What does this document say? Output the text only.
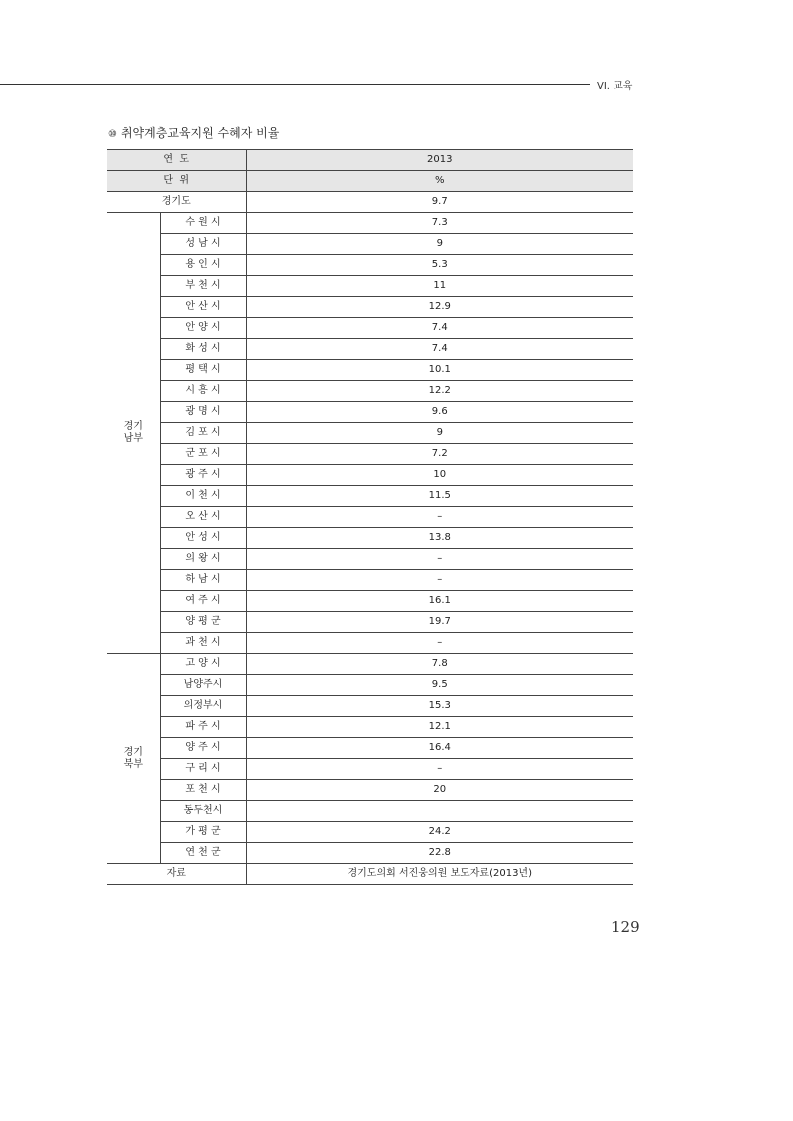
VI. 교육
⑩ 취약계층교육지원 수혜자 비율
연  도		2013
단  위		%
경기도		9.7
경기
남부	수 원 시	7.3
	성 남 시	9
	용 인 시	5.3
	부 천 시	11
	안 산 시	12.9
	안 양 시	7.4
	화 성 시	7.4
	평 택 시	10.1
	시 흥 시	12.2
	광 명 시	9.6
	김 포 시	9
	군 포 시	7.2
	광 주 시	10
	이 천 시	11.5
	오 산 시	–
	안 성 시	13.8
	의 왕 시	–
	하 남 시	–
	여 주 시	16.1
	양 평 군	19.7
	과 천 시	–
경기
북부	고 양 시	7.8
	남양주시	9.5
	의정부시	15.3
	파 주 시	12.1
	양 주 시	16.4
	구 리 시	–
	포 천 시	20
	동두천시	
	가 평 군	24.2
	연 천 군	22.8
자료		경기도의회 서진웅의원 보도자료(2013년)
129
